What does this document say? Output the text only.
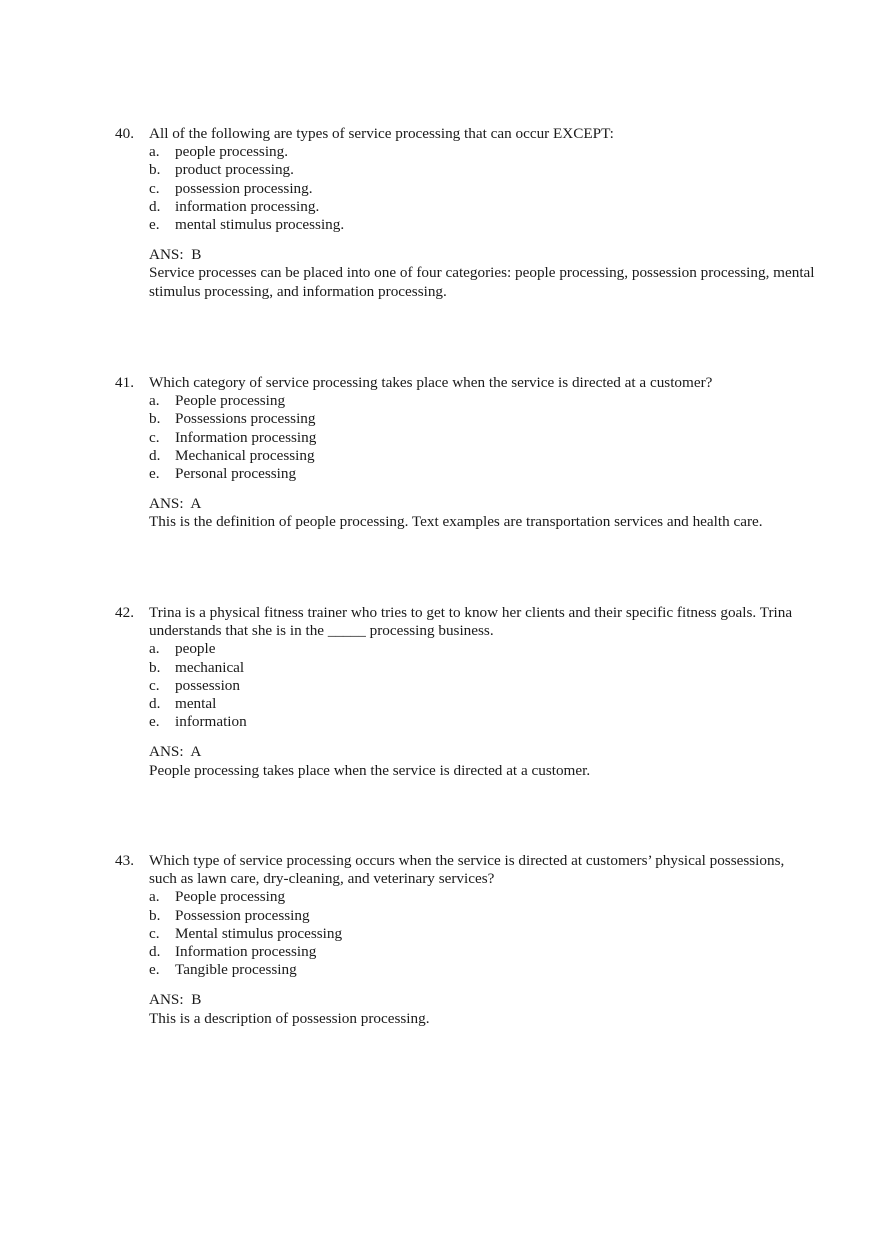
40. All of the following are types of service processing that can occur EXCEPT:
a. people processing.
b. product processing.
c. possession processing.
d. information processing.
e. mental stimulus processing.
ANS:  B
Service processes can be placed into one of four categories: people processing, possession processing, mental stimulus processing, and information processing.
41. Which category of service processing takes place when the service is directed at a customer?
a. People processing
b. Possessions processing
c. Information processing
d. Mechanical processing
e. Personal processing
ANS:  A
This is the definition of people processing. Text examples are transportation services and health care.
42. Trina is a physical fitness trainer who tries to get to know her clients and their specific fitness goals. Trina understands that she is in the _____ processing business.
a. people
b. mechanical
c. possession
d. mental
e. information
ANS:  A
People processing takes place when the service is directed at a customer.
43. Which type of service processing occurs when the service is directed at customers’ physical possessions, such as lawn care, dry-cleaning, and veterinary services?
a. People processing
b. Possession processing
c. Mental stimulus processing
d. Information processing
e. Tangible processing
ANS:  B
This is a description of possession processing.
